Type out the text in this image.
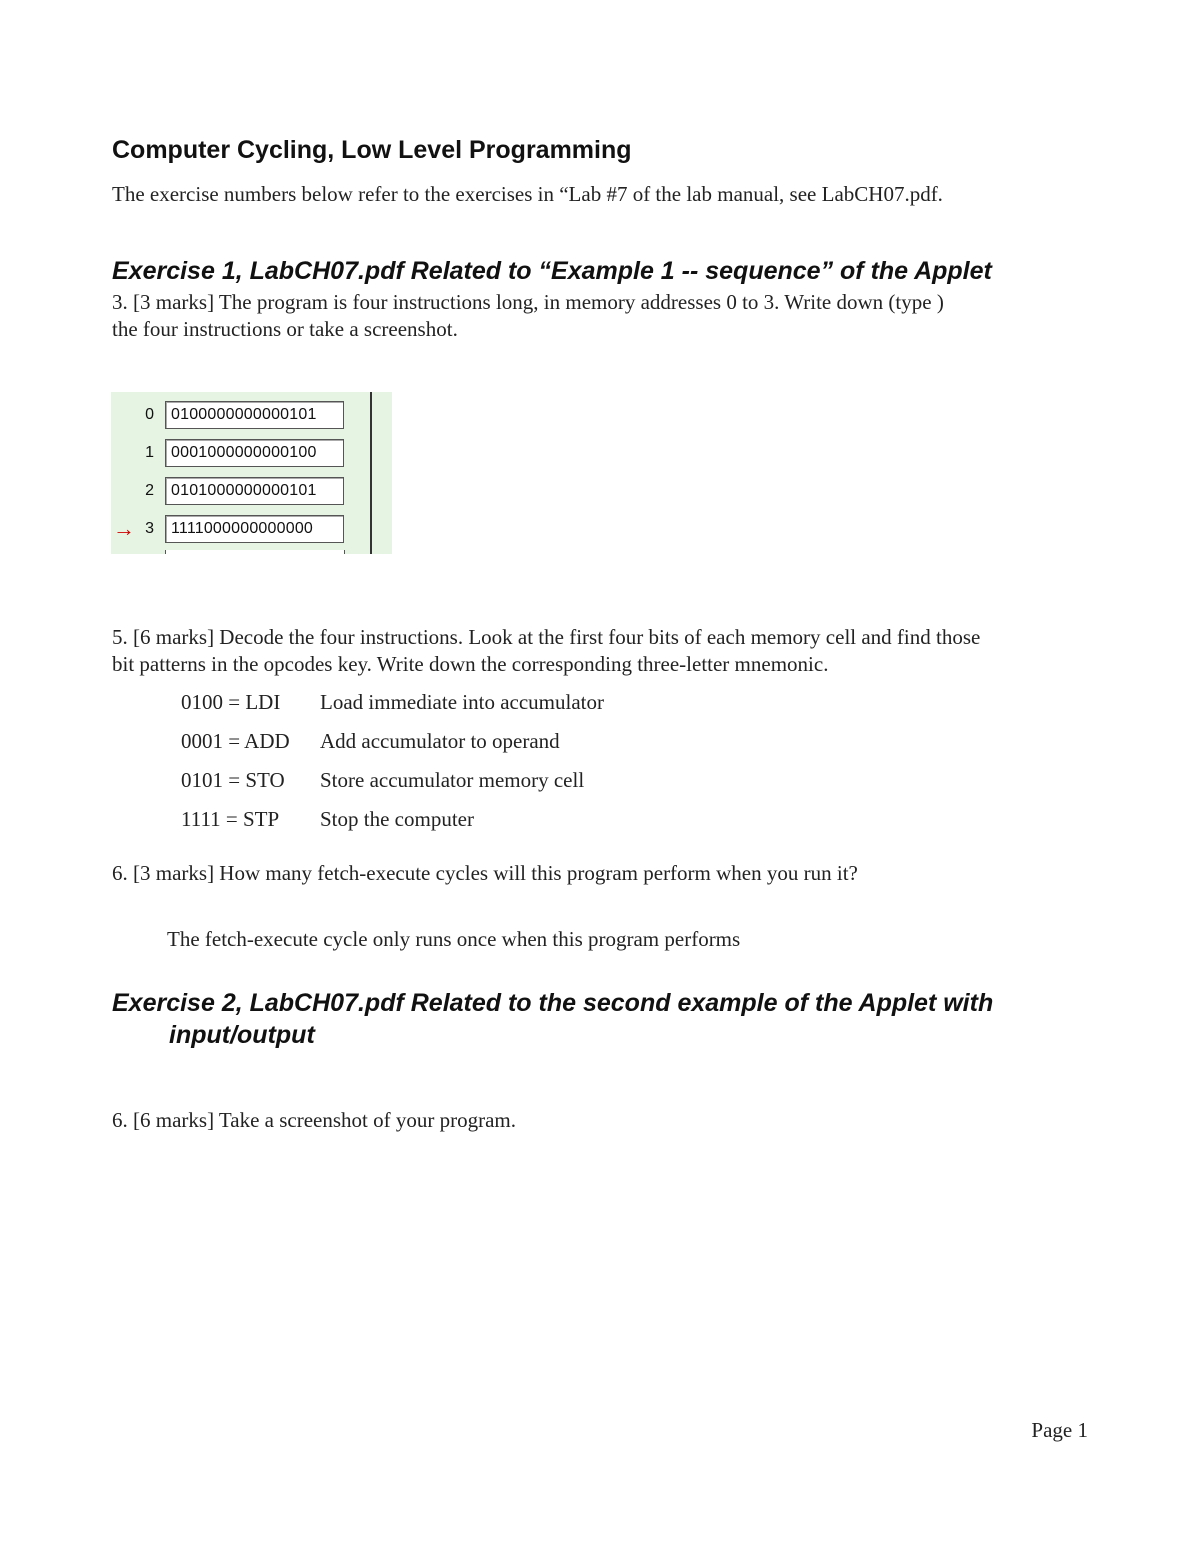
Computer Cycling, Low Level Programming

The exercise numbers below refer to the exercises in “Lab #7 of the lab manual, see LabCH07.pdf.

Exercise 1, LabCH07.pdf Related to “Example 1 -- sequence” of the Applet

3. [3 marks] The program is four instructions long, in memory addresses 0 to 3. Write down (type )

the four instructions or take a screenshot.

0	0100000000000101
1	0001000000000100
2	0101000000000101
→ 3	1111000000000000

5. [6 marks] Decode the four instructions. Look at the first four bits of each memory cell and find those

bit patterns in the opcodes key. Write down the corresponding three-letter mnemonic.

0100 = LDI Load immediate into accumulator
0001 = ADD Add accumulator to operand
0101 = STO Store accumulator memory cell
1111 = STP Stop the computer

6. [3 marks] How many fetch-execute cycles will this program perform when you run it?

The fetch-execute cycle only runs once when this program performs

Exercise 2, LabCH07.pdf Related to the second example of the Applet with
input/output

6. [6 marks] Take a screenshot of your program.

Page 1
